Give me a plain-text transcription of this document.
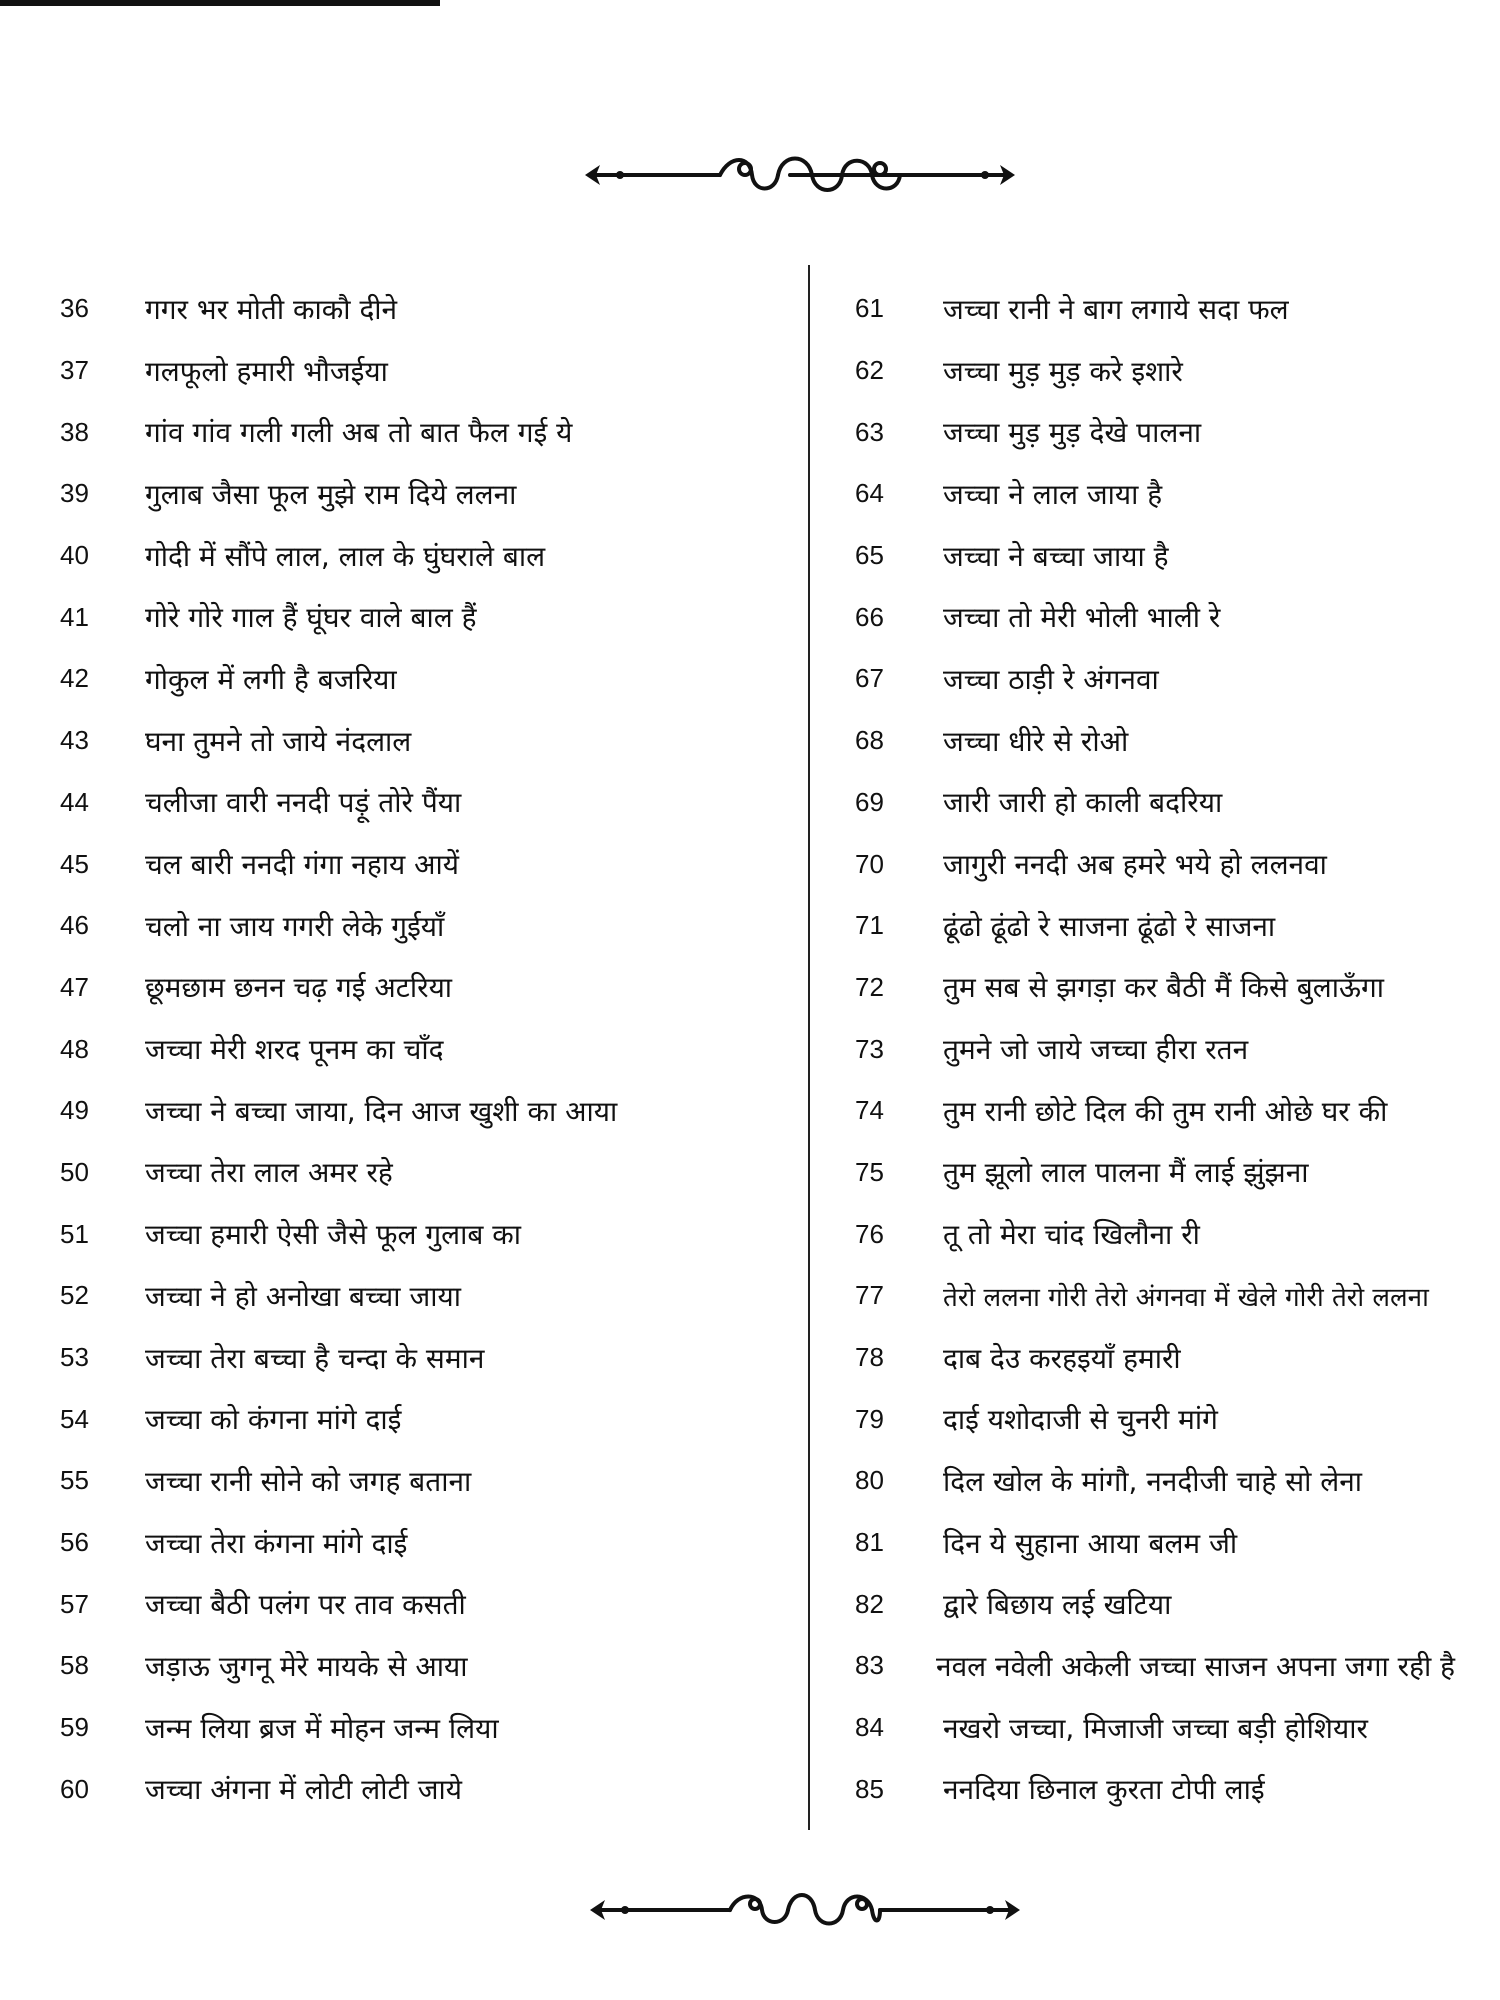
36	गगर भर मोती काकौ दीने
37	गलफूलो हमारी भौजईया
38	गांव गांव गली गली अब तो बात फैल गई ये
39	गुलाब जैसा फूल मुझे राम दिये ललना
40	गोदी में सौंपे लाल, लाल के घुंघराले बाल
41	गोरे गोरे गाल हैं घूंघर वाले बाल हैं
42	गोकुल में लगी है बजरिया
43	घना तुमने तो जाये नंदलाल
44	चलीजा वारी ननदी पड़ूं तोरे पैंया
45	चल बारी ननदी गंगा नहाय आयें
46	चलो ना जाय गगरी लेके गुईयाँ
47	छूमछाम छनन चढ़ गई अटरिया
48	जच्चा मेरी शरद पूनम का चाँद
49	जच्चा ने बच्चा जाया, दिन आज खुशी का आया
50	जच्चा तेरा लाल अमर रहे
51	जच्चा हमारी ऐसी जैसे फूल गुलाब का
52	जच्चा ने हो अनोखा बच्चा जाया
53	जच्चा तेरा बच्चा है चन्दा के समान
54	जच्चा को कंगना मांगे दाई
55	जच्चा रानी सोने को जगह बताना
56	जच्चा तेरा कंगना मांगे दाई
57	जच्चा बैठी पलंग पर ताव कसती
58	जड़ाऊ जुगनू मेरे मायके से आया
59	जन्म लिया ब्रज में मोहन जन्म लिया
60	जच्चा अंगना में लोटी लोटी जाये
61	जच्चा रानी ने बाग लगाये सदा फल
62	जच्चा मुड़ मुड़ करे इशारे
63	जच्चा मुड़ मुड़ देखे पालना
64	जच्चा ने लाल जाया है
65	जच्चा ने बच्चा जाया है
66	जच्चा तो मेरी भोली भाली रे
67	जच्चा ठाड़ी रे अंगनवा
68	जच्चा धीरे से रोओ
69	जारी जारी हो काली बदरिया
70	जागुरी ननदी अब हमरे भये हो ललनवा
71	ढूंढो ढूंढो रे साजना ढूंढो रे साजना
72	तुम सब से झगड़ा कर बैठी मैं किसे बुलाऊँगा
73	तुमने जो जाये जच्चा हीरा रतन
74	तुम रानी छोटे दिल की तुम रानी ओछे घर की
75	तुम झूलो लाल पालना मैं लाई झुंझना
76	तू तो मेरा चांद खिलौना री
77	तेरो ललना गोरी तेरो अंगनवा में खेले गोरी तेरो ललना
78	दाब देउ करहइयाँ हमारी
79	दाई यशोदाजी से चुनरी मांगे
80	दिल खोल के मांगौ, ननदीजी चाहे सो लेना
81	दिन ये सुहाना आया बलम जी
82	द्वारे बिछाय लई खटिया
83	नवल नवेली अकेली जच्चा साजन अपना जगा रही है
84	नखरो जच्चा, मिजाजी जच्चा बड़ी होशियार
85	ननदिया छिनाल कुरता टोपी लाई
